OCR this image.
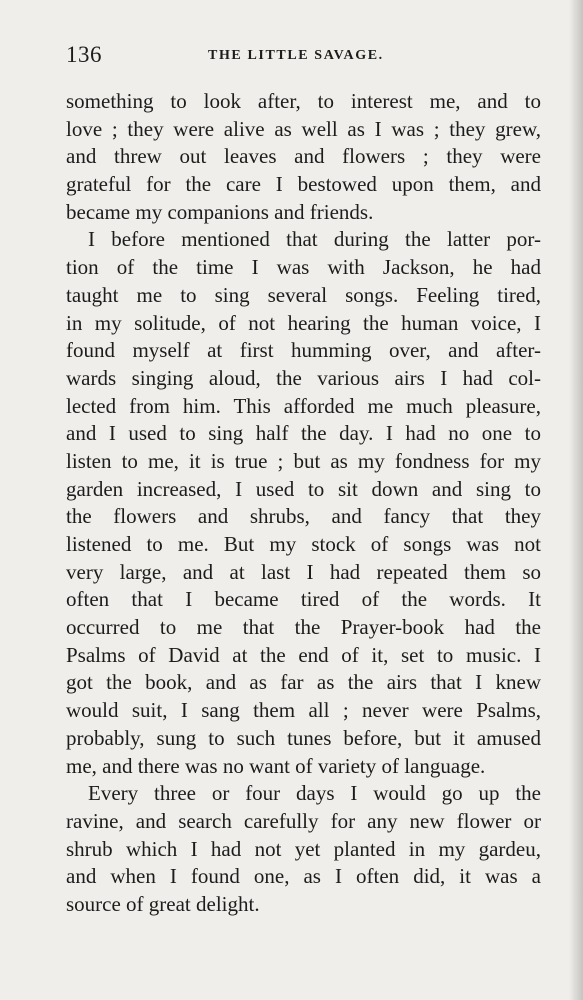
136	THE LITTLE SAVAGE.
something to look after, to interest me, and to
love ; they were alive as well as I was ; they grew,
and threw out leaves and flowers ; they were
grateful for the care I bestowed upon them, and
became my companions and friends.
I before mentioned that during the latter por-
tion of the time I was with Jackson, he had
taught me to sing several songs. Feeling tired,
in my solitude, of not hearing the human voice, I
found myself at first humming over, and after-
wards singing aloud, the various airs I had col-
lected from him. This afforded me much pleasure,
and I used to sing half the day. I had no one to
listen to me, it is true ; but as my fondness for my
garden increased, I used to sit down and sing to
the flowers and shrubs, and fancy that they
listened to me. But my stock of songs was not
very large, and at last I had repeated them so
often that I became tired of the words. It
occurred to me that the Prayer-book had the
Psalms of David at the end of it, set to music. I
got the book, and as far as the airs that I knew
would suit, I sang them all ; never were Psalms,
probably, sung to such tunes before, but it amused
me, and there was no want of variety of language.
Every three or four days I would go up the
ravine, and search carefully for any new flower or
shrub which I had not yet planted in my gardeu,
and when I found one, as I often did, it was a
source of great delight.
